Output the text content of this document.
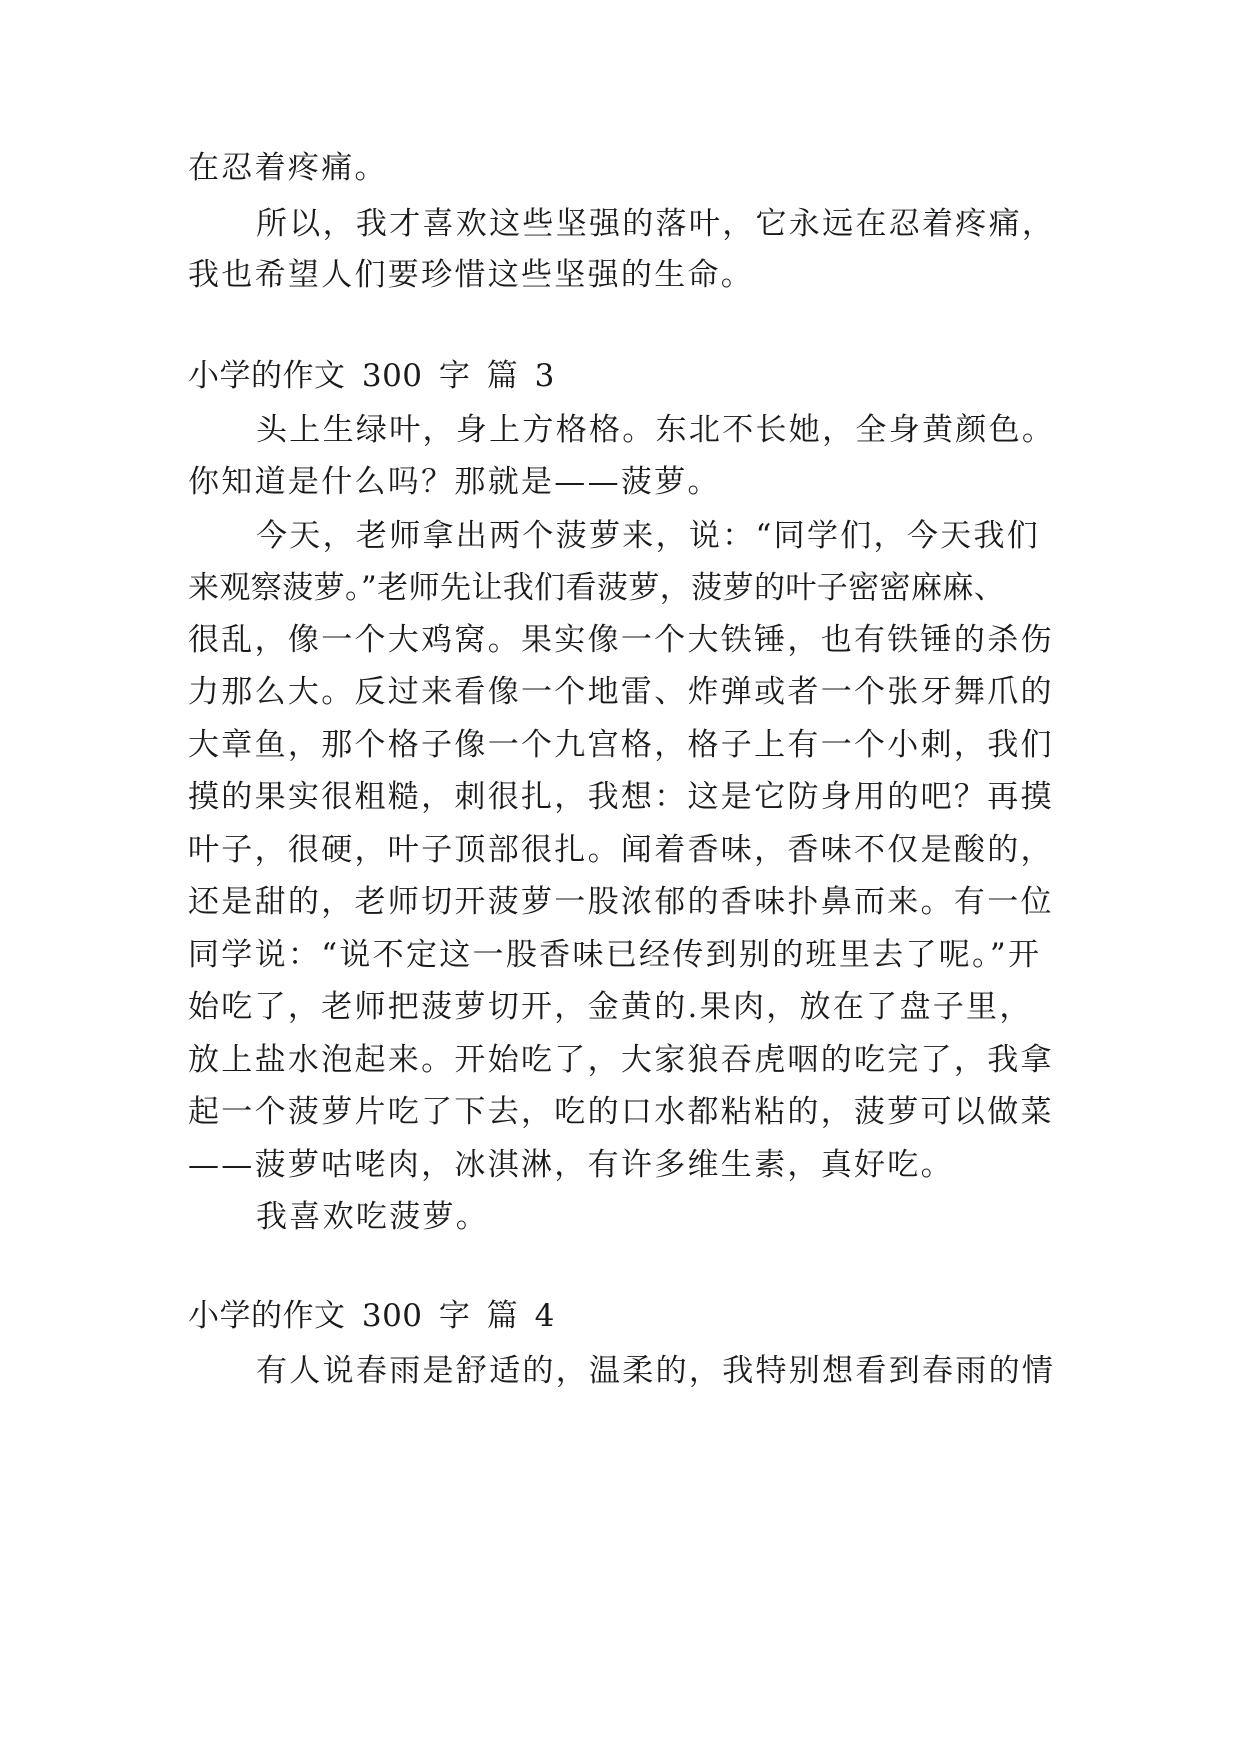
在忍着疼痛。

所以，我才喜欢这些坚强的落叶，它永远在忍着疼痛，

我也希望人们要珍惜这些坚强的生命。

小学的作文 300 字 篇 3

头上生绿叶，身上方格格。东北不长她，全身黄颜色。

你知道是什么吗？那就是——菠萝。

今天，老师拿出两个菠萝来，说：“同学们，今天我们

来观察菠萝。”老师先让我们看菠萝，菠萝的叶子密密麻麻、

很乱，像一个大鸡窝。果实像一个大铁锤，也有铁锤的杀伤

力那么大。反过来看像一个地雷、炸弹或者一个张牙舞爪的

大章鱼，那个格子像一个九宫格，格子上有一个小刺，我们

摸的果实很粗糙，刺很扎，我想：这是它防身用的吧？再摸

叶子，很硬，叶子顶部很扎。闻着香味，香味不仅是酸的，

还是甜的，老师切开菠萝一股浓郁的香味扑鼻而来。有一位

同学说：“说不定这一股香味已经传到别的班里去了呢。”开

始吃了，老师把菠萝切开，金黄的.果肉，放在了盘子里，

放上盐水泡起来。开始吃了，大家狼吞虎咽的吃完了，我拿

起一个菠萝片吃了下去，吃的口水都粘粘的，菠萝可以做菜

——菠萝咕咾肉，冰淇淋，有许多维生素，真好吃。

我喜欢吃菠萝。

小学的作文 300 字 篇 4

有人说春雨是舒适的，温柔的，我特别想看到春雨的情
